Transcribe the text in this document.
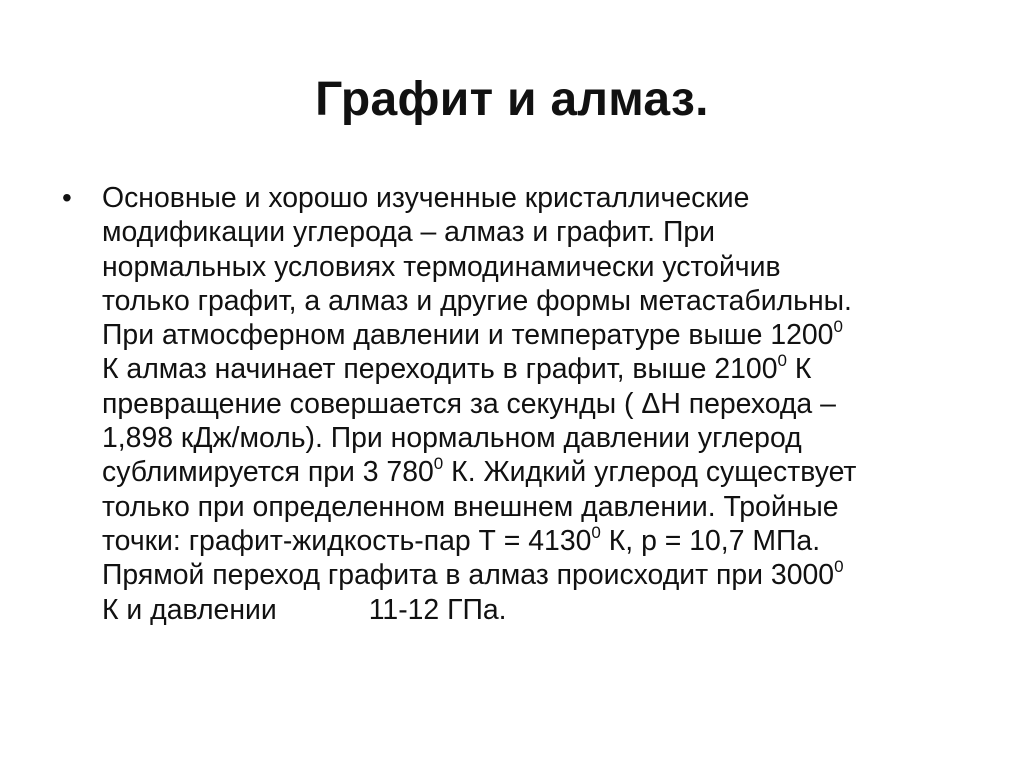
Графит и алмаз.
• Основные и хорошо изученные кристаллические
модификации углерода – алмаз и графит. При
нормальных условиях термодинамически устойчив
только графит, а алмаз и другие формы метастабильны.
При атмосферном давлении и температуре выше 1200$^0$
К алмаз начинает переходить в графит, выше 2100$^0$ К
превращение совершается за секунды ( ΔН перехода –
1,898 кДж/моль). При нормальном давлении углерод
сублимируется при 3 $780^0$ К. Жидкий углерод существует
только при определенном внешнем давлении. Тройные
точки: графит-жидкость-пар $Т = 4130^0$ К, р = 10,7 МПа.
Прямой переход графита в алмаз происходит при 3000$^0$
К и давлении	11-12 ГПа.
